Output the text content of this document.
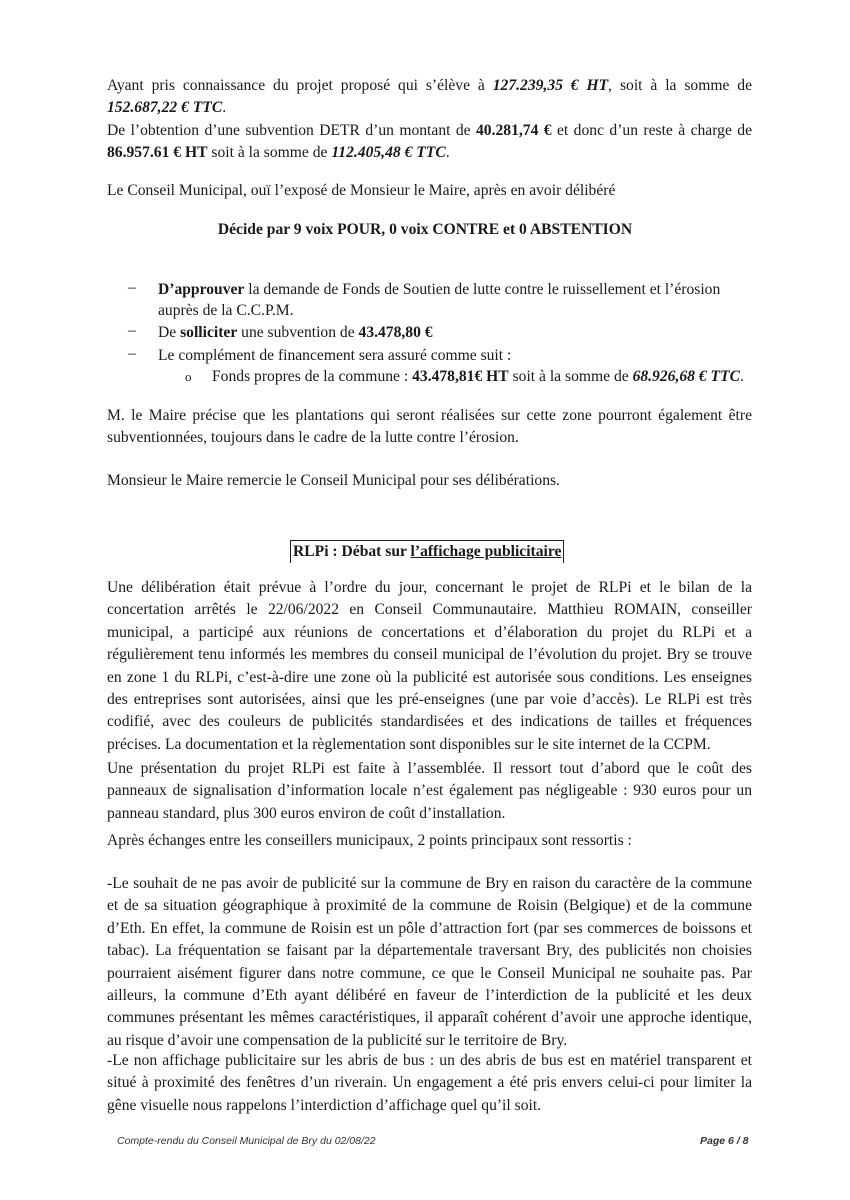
Ayant pris connaissance du projet proposé qui s’élève à 127.239,35 € HT, soit à la somme de 152.687,22 € TTC.
De l’obtention d’une subvention DETR d’un montant de 40.281,74 € et donc d’un reste à charge de 86.957.61 € HT soit à la somme de 112.405,48 € TTC.
Le Conseil Municipal, ouï l’exposé de Monsieur le Maire, après en avoir délibéré
Décide par 9 voix POUR, 0 voix CONTRE et 0 ABSTENTION
– D’approuver la demande de Fonds de Soutien de lutte contre le ruissellement et l’érosion
auprès de la C.C.P.M.
– De solliciter une subvention de 43.478,80 €
– Le complément de financement sera assuré comme suit :
o Fonds propres de la commune : 43.478,81€ HT soit à la somme de 68.926,68 € TTC.
M. le Maire précise que les plantations qui seront réalisées sur cette zone pourront également être subventionnées, toujours dans le cadre de la lutte contre l’érosion.
Monsieur le Maire remercie le Conseil Municipal pour ses délibérations.
RLPi : Débat sur l’affichage publicitaire
Une délibération était prévue à l’ordre du jour, concernant le projet de RLPi et le bilan de la concertation arrêtés le 22/06/2022 en Conseil Communautaire. Matthieu ROMAIN, conseiller municipal, a participé aux réunions de concertations et d’élaboration du projet du RLPi et a régulièrement tenu informés les membres du conseil municipal de l’évolution du projet. Bry se trouve en zone 1 du RLPi, c’est-à-dire une zone où la publicité est autorisée sous conditions. Les enseignes des entreprises sont autorisées, ainsi que les pré-enseignes (une par voie d’accès). Le RLPi est très codifié, avec des couleurs de publicités standardisées et des indications de tailles et fréquences précises. La documentation et la règlementation sont disponibles sur le site internet de la CCPM.
Une présentation du projet RLPi est faite à l’assemblée. Il ressort tout d’abord que le coût des panneaux de signalisation d’information locale n’est également pas négligeable : 930 euros pour un panneau standard, plus 300 euros environ de coût d’installation.
Après échanges entre les conseillers municipaux, 2 points principaux sont ressortis :
-Le souhait de ne pas avoir de publicité sur la commune de Bry en raison du caractère de la commune et de sa situation géographique à proximité de la commune de Roisin (Belgique) et de la commune d’Eth. En effet, la commune de Roisin est un pôle d’attraction fort (par ses commerces de boissons et tabac). La fréquentation se faisant par la départementale traversant Bry, des publicités non choisies pourraient aisément figurer dans notre commune, ce que le Conseil Municipal ne souhaite pas. Par ailleurs, la commune d’Eth ayant délibéré en faveur de l’interdiction de la publicité et les deux communes présentant les mêmes caractéristiques, il apparaît cohérent d’avoir une approche identique, au risque d’avoir une compensation de la publicité sur le territoire de Bry.
-Le non affichage publicitaire sur les abris de bus : un des abris de bus est en matériel transparent et situé à proximité des fenêtres d’un riverain. Un engagement a été pris envers celui-ci pour limiter la gêne visuelle nous rappelons l’interdiction d’affichage quel qu’il soit.
Compte-rendu du Conseil Municipal de Bry du 02/08/22	Page 6 / 8
